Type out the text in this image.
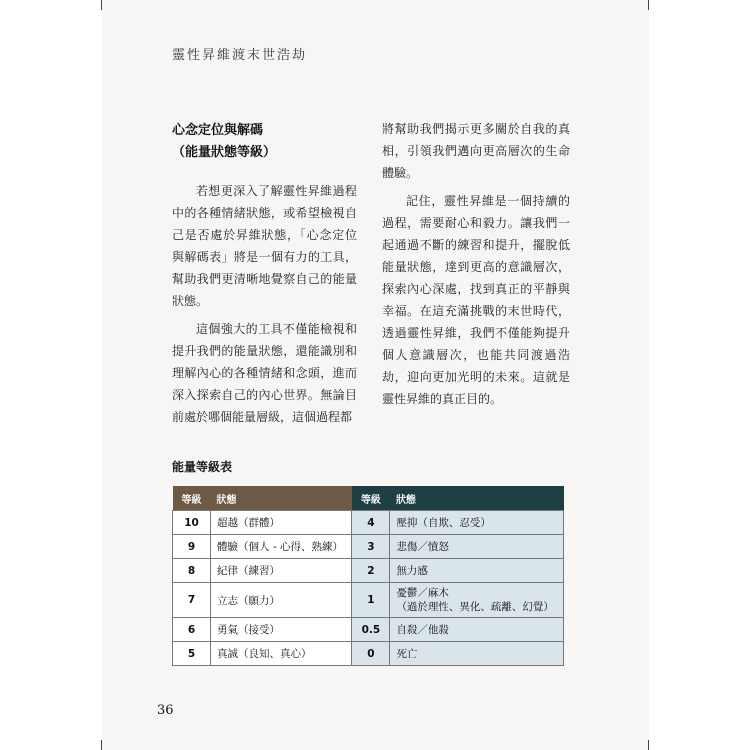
靈性昇維渡末世浩劫
心念定位與解碼
（能量狀態等級）

若想更深入了解靈性昇維過程中的各種情緒狀態，或希望檢視自己是否處於昇維狀態，「心念定位與解碼表」將是一個有力的工具，幫助我們更清晰地覺察自己的能量狀態。

這個強大的工具不僅能檢視和提升我們的能量狀態，還能識別和理解內心的各種情緒和念頭，進而深入探索自己的內心世界。無論目前處於哪個能量層級，這個過程都

將幫助我們揭示更多關於自我的真相，引領我們邁向更高層次的生命體驗。

記住，靈性昇維是一個持續的過程，需要耐心和毅力。讓我們一起通過不斷的練習和提升，擺脫低能量狀態，達到更高的意識層次，探索內心深處，找到真正的平靜與幸福。在這充滿挑戰的末世時代，透過靈性昇維，我們不僅能夠提升個人意識層次，也能共同渡過浩劫，迎向更加光明的未來。這就是靈性昇維的真正目的。

能量等級表
等級	狀態	等級	狀態
10	超越（群體）	4	壓抑（自欺、忍受）
9	體驗（個人 - 心得、熟練）	3	悲傷／憤怒
8	紀律（練習）	2	無力感
7	立志（願力）	1	憂鬱／麻木
（過於理性、異化、疏離、幻覺）

6	勇氣（接受）	0.5	自殺／他殺
5	真誠（良知、真心）	0	死亡
36
